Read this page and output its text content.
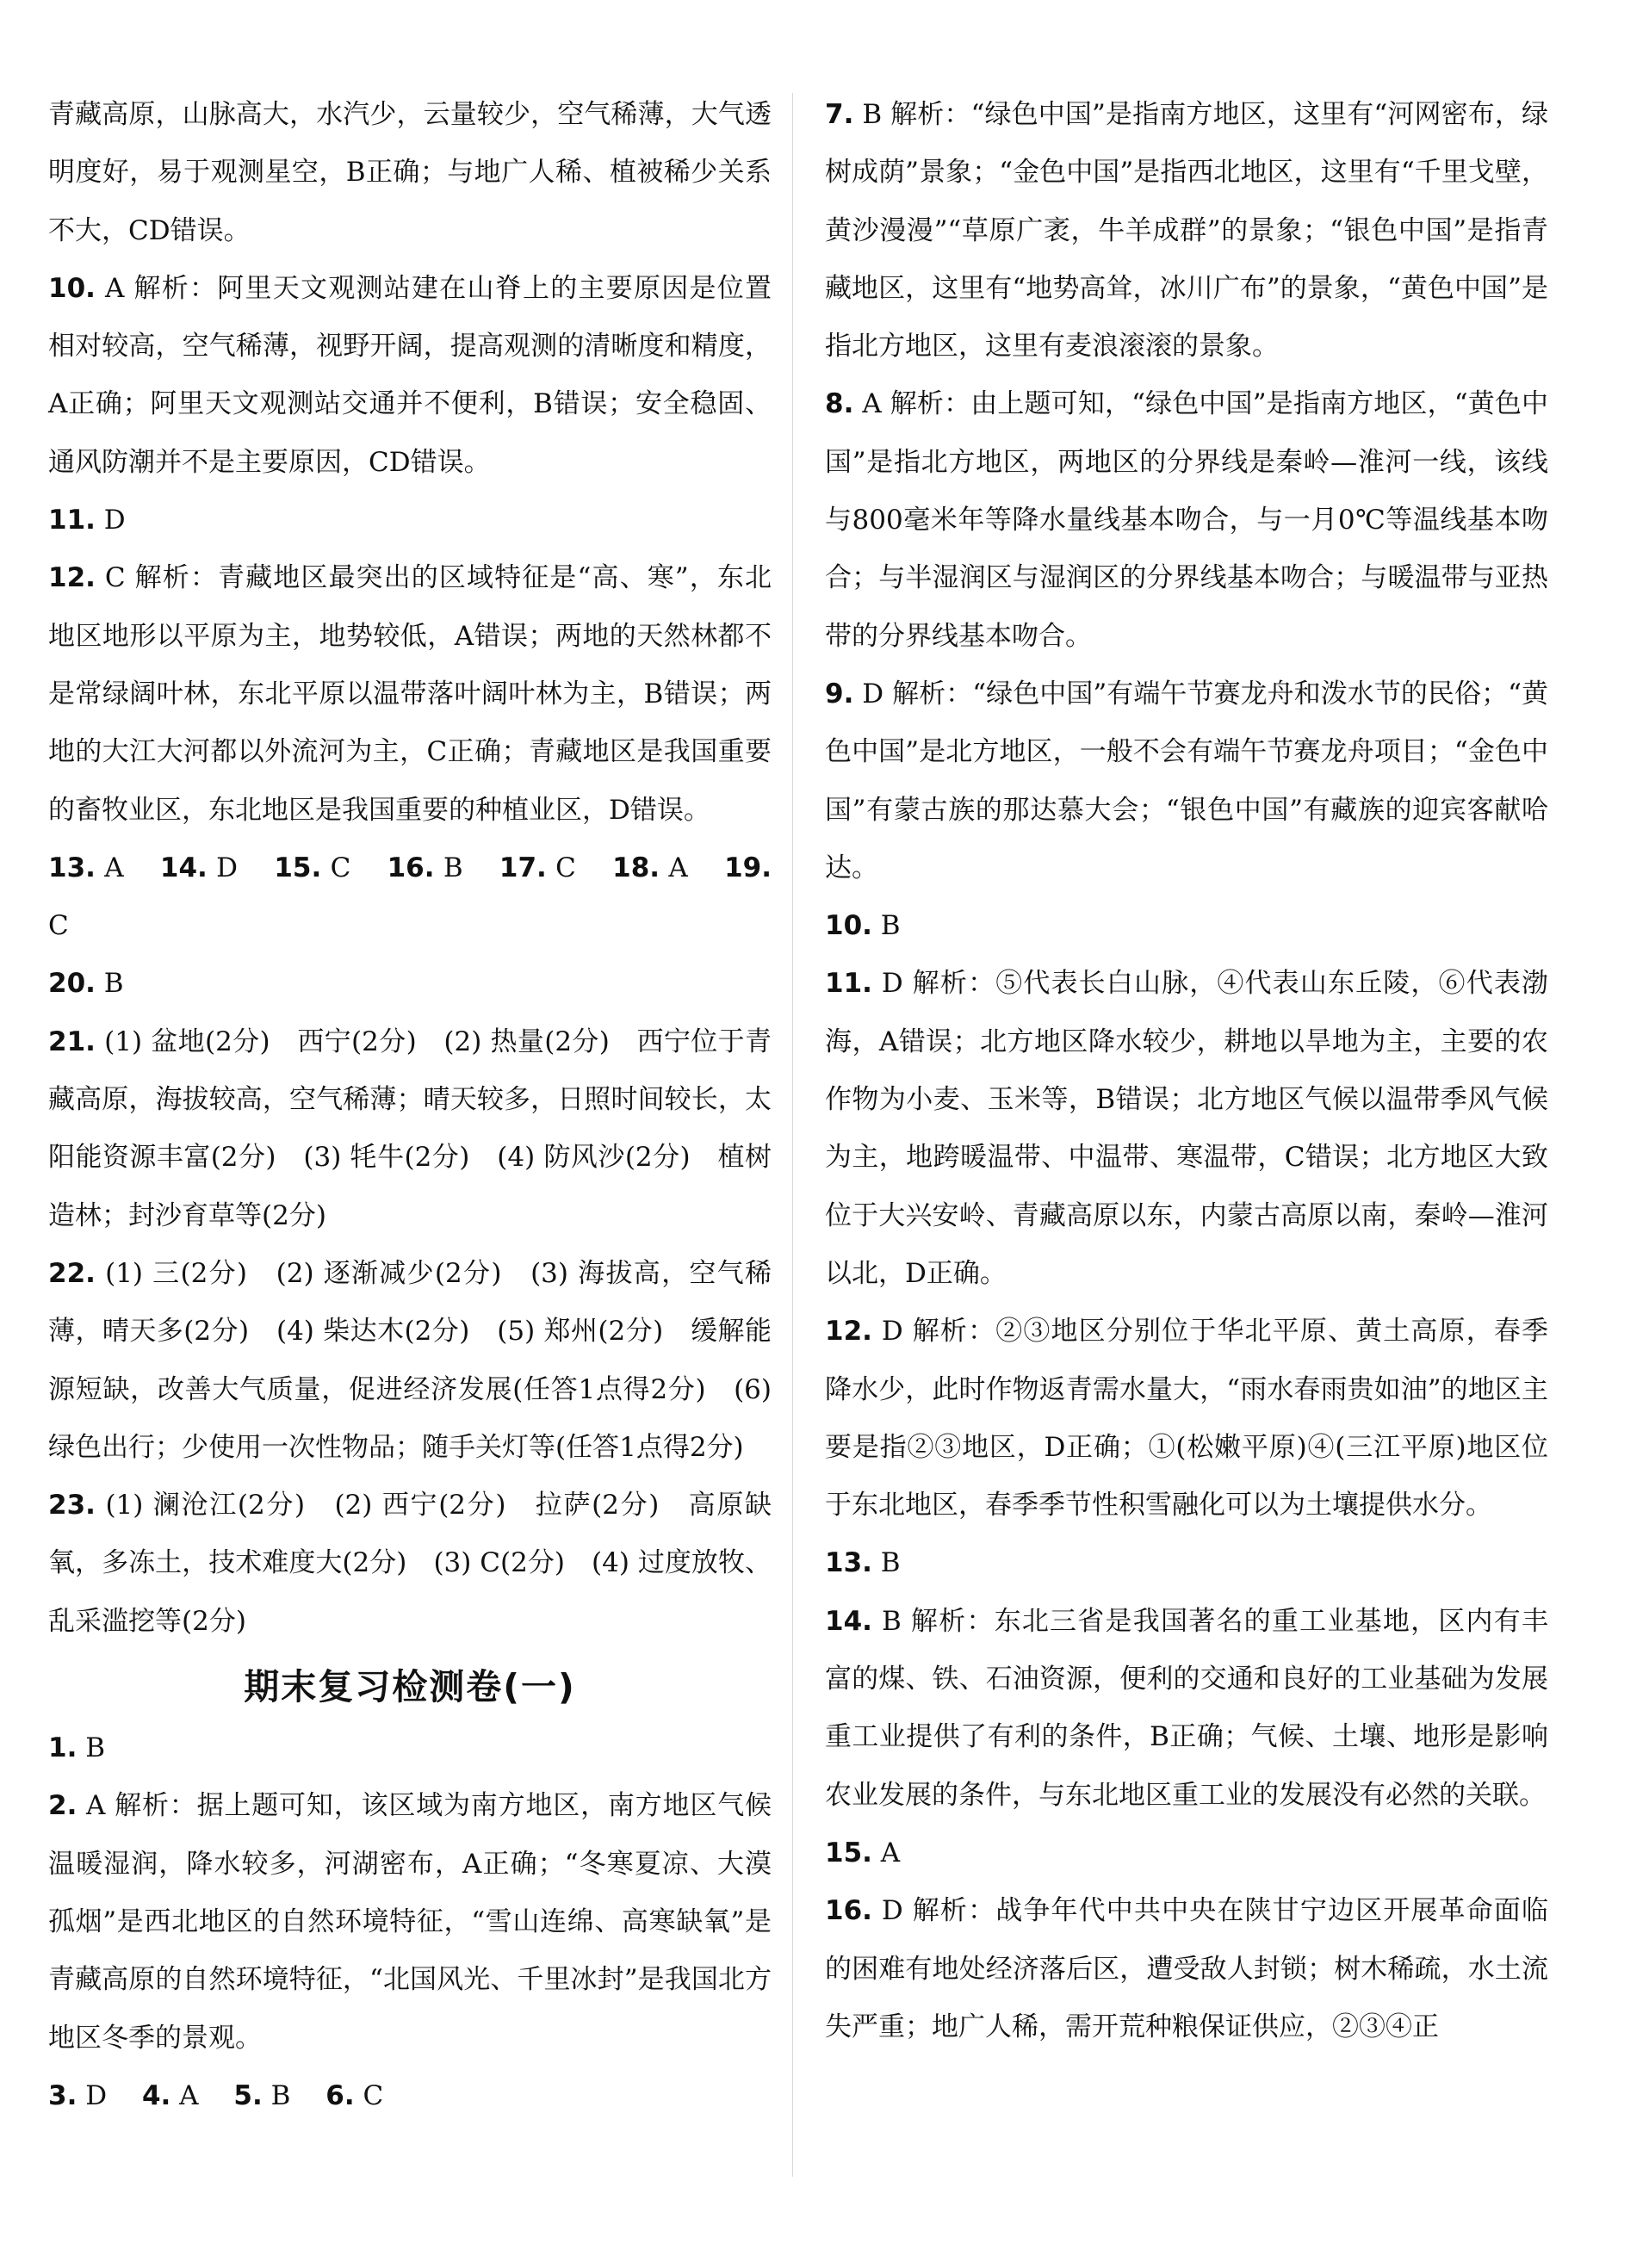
青藏高原，山脉高大，水汽少，云量较少，空气稀薄，大气透明度好，易于观测星空，B正确；与地广人稀、植被稀少关系不大，CD错误。

10. A 解析：阿里天文观测站建在山脊上的主要原因是位置相对较高，空气稀薄，视野开阔，提高观测的清晰度和精度，A正确；阿里天文观测站交通并不便利，B错误；安全稳固、通风防潮并不是主要原因，CD错误。

11. D

12. C 解析：青藏地区最突出的区域特征是“高、寒”，东北地区地形以平原为主，地势较低，A错误；两地的天然林都不是常绿阔叶林，东北平原以温带落叶阔叶林为主，B错误；两地的大江大河都以外流河为主，C正确；青藏地区是我国重要的畜牧业区，东北地区是我国重要的种植业区，D错误。

13. A　 14. D　 15. C　 16. B　 17. C　 18. A　 19. C

20. B

21. (1) 盆地(2分)　西宁(2分)　(2) 热量(2分)　西宁位于青藏高原，海拔较高，空气稀薄；晴天较多，日照时间较长，太阳能资源丰富(2分)　(3) 牦牛(2分)　(4) 防风沙(2分)　植树造林；封沙育草等(2分)

22. (1) 三(2分)　(2) 逐渐减少(2分)　(3) 海拔高，空气稀薄，晴天多(2分)　(4) 柴达木(2分)　(5) 郑州(2分)　缓解能源短缺，改善大气质量，促进经济发展(任答1点得2分)　(6) 绿色出行；少使用一次性物品；随手关灯等(任答1点得2分)

23. (1) 澜沧江(2分)　(2) 西宁(2分)　拉萨(2分)　高原缺氧，多冻土，技术难度大(2分)　(3) C(2分)　(4) 过度放牧、乱采滥挖等(2分)

期末复习检测卷(一)

1. B

2. A 解析：据上题可知，该区域为南方地区，南方地区气候温暖湿润，降水较多，河湖密布，A正确；“冬寒夏凉、大漠孤烟”是西北地区的自然环境特征，“雪山连绵、高寒缺氧”是青藏高原的自然环境特征，“北国风光、千里冰封”是我国北方地区冬季的景观。

3. D　 4. A　 5. B　 6. C

7. B 解析：“绿色中国”是指南方地区，这里有“河网密布，绿树成荫”景象；“金色中国”是指西北地区，这里有“千里戈壁，黄沙漫漫”“草原广袤，牛羊成群”的景象；“银色中国”是指青藏地区，这里有“地势高耸，冰川广布”的景象，“黄色中国”是指北方地区，这里有麦浪滚滚的景象。

8. A 解析：由上题可知，“绿色中国”是指南方地区，“黄色中国”是指北方地区，两地区的分界线是秦岭—淮河一线，该线与800毫米年等降水量线基本吻合，与一月0℃等温线基本吻合；与半湿润区与湿润区的分界线基本吻合；与暖温带与亚热带的分界线基本吻合。

9. D 解析：“绿色中国”有端午节赛龙舟和泼水节的民俗；“黄色中国”是北方地区，一般不会有端午节赛龙舟项目；“金色中国”有蒙古族的那达慕大会；“银色中国”有藏族的迎宾客献哈达。

10. B

11. D 解析：⑤代表长白山脉，④代表山东丘陵，⑥代表渤海，A错误；北方地区降水较少，耕地以旱地为主，主要的农作物为小麦、玉米等，B错误；北方地区气候以温带季风气候为主，地跨暖温带、中温带、寒温带，C错误；北方地区大致位于大兴安岭、青藏高原以东，内蒙古高原以南，秦岭—淮河以北，D正确。

12. D 解析：②③地区分别位于华北平原、黄土高原，春季降水少，此时作物返青需水量大，“雨水春雨贵如油”的地区主要是指②③地区，D正确；①(松嫩平原)④(三江平原)地区位于东北地区，春季季节性积雪融化可以为土壤提供水分。

13. B

14. B 解析：东北三省是我国著名的重工业基地，区内有丰富的煤、铁、石油资源，便利的交通和良好的工业基础为发展重工业提供了有利的条件，B正确；气候、土壤、地形是影响农业发展的条件，与东北地区重工业的发展没有必然的关联。

15. A

16. D 解析：战争年代中共中央在陕甘宁边区开展革命面临的困难有地处经济落后区，遭受敌人封锁；树木稀疏，水土流失严重；地广人稀，需开荒种粮保证供应，②③④正
